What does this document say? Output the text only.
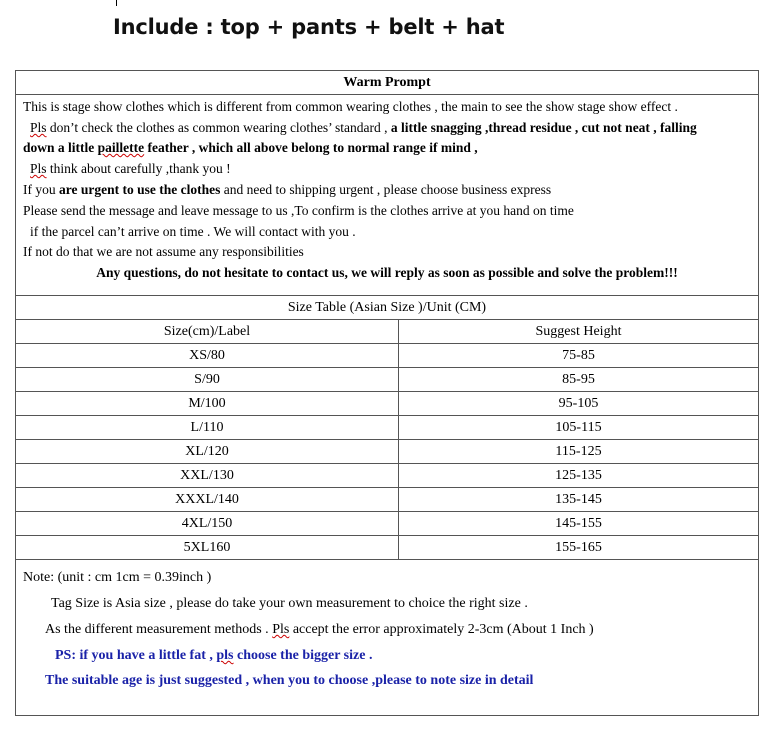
Include : top + pants + belt + hat
Warm Prompt
This is stage show clothes which is different from common wearing clothes , the main to see the show stage show effect .
Pls don’t check the clothes as common wearing clothes’ standard , a little snagging ,thread residue , cut not neat , falling
down a little paillette feather , which all above belong to normal range if mind ,
Pls think about carefully ,thank you !
If you are urgent to use the clothes and need to shipping urgent , please choose business express
Please send the message and leave message to us ,To confirm is the clothes arrive at you hand on time
if the parcel can’t arrive on time . We will contact with you .
If not do that we are not assume any responsibilities
Any questions, do not hesitate to contact us, we will reply as soon as possible and solve the problem!!!
Size Table (Asian Size )/Unit (CM)
Size(cm)/Label	Suggest Height
XS/80	75-85
S/90	85-95
M/100	95-105
L/110	105-115
XL/120	115-125
XXL/130	125-135
XXXL/140	135-145
4XL/150	145-155
5XL160	155-165
Note: (unit : cm 1cm = 0.39inch )
Tag Size is Asia size , please do take your own measurement to choice the right size .
As the different measurement methods . Pls accept the error approximately 2-3cm (About 1 Inch )
PS: if you have a little fat , pls choose the bigger size .
The suitable age is just suggested , when you to choose ,please to note size in detail
